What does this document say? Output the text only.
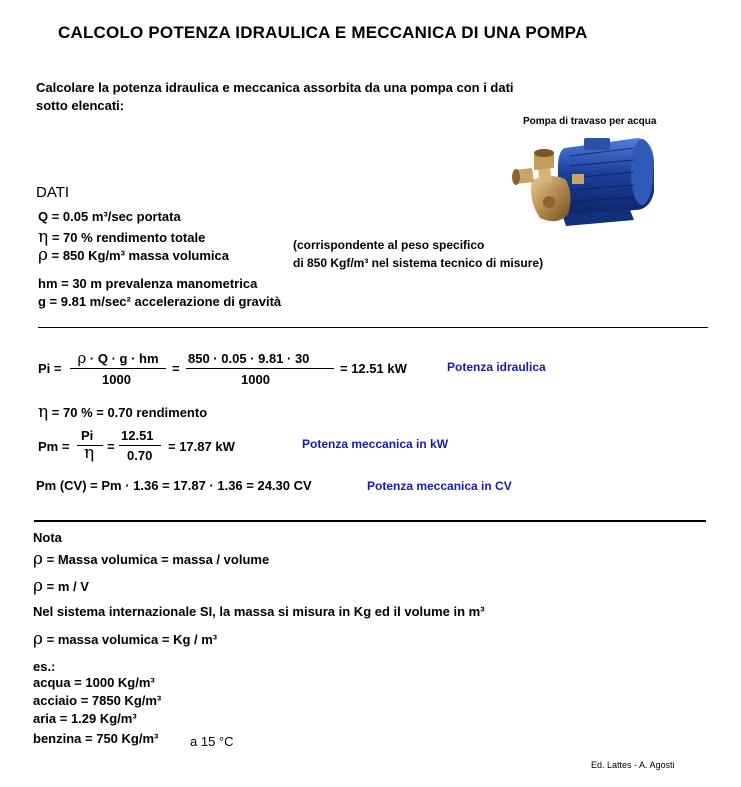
CALCOLO POTENZA IDRAULICA E MECCANICA DI UNA POMPA
Calcolare la potenza idraulica e meccanica assorbita da una pompa con i dati
sotto elencati:
Pompa di travaso per acqua
DATI
Q = 0.05 m³/sec portata
η = 70 % rendimento totale
ρ = 850 Kg/m³ massa volumica
(corrispondente al peso specifico
di 850 Kgf/m³ nel sistema tecnico di misure)
hm = 30 m prevalenza manometrica
g = 9.81 m/sec² accelerazione di gravità
Pi =
ρ · Q · g · hm
1000
=
850 · 0.05 · 9.81 · 30
1000
= 12.51 kW	Potenza idraulica
η = 70 % = 0.70 rendimento
Pm =
Pi
η =
12.51
0.70
= 17.87 kW	Potenza meccanica in kW
Pm (CV) = Pm · 1.36 = 17.87 · 1.36 = 24.30 CV	Potenza meccanica in CV
Nota
ρ = Massa volumica = massa / volume
ρ = m / V
Nel sistema internazionale SI, la massa si misura in Kg ed il volume in m³
ρ = massa volumica = Kg / m³
es.:
acqua = 1000 Kg/m³
acciaio = 7850 Kg/m³
aria = 1.29 Kg/m³
benzina = 750 Kg/m³ a 15 °C
Ed. Lattes - A. Agosti
